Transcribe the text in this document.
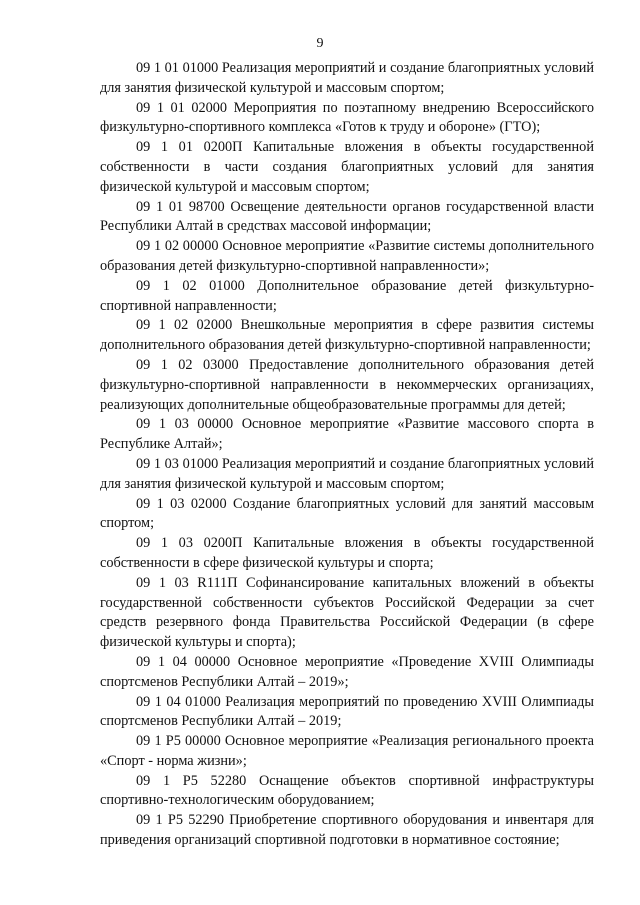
9

09 1 01 01000 Реализация мероприятий и создание благоприятных условий для занятия физической культурой и массовым спортом;

09 1 01 02000 Мероприятия по поэтапному внедрению Всероссийского физкультурно-спортивного комплекса «Готов к труду и обороне» (ГТО);

09 1 01 0200П Капитальные вложения в объекты государственной собственности в части создания благоприятных условий для занятия физической культурой и массовым спортом;

09 1 01 98700 Освещение деятельности органов государственной власти Республики Алтай в средствах массовой информации;

09 1 02 00000 Основное мероприятие «Развитие системы дополнительного образования детей физкультурно-спортивной направленности»;

09 1 02 01000 Дополнительное образование детей физкультурно-спортивной направленности;

09 1 02 02000 Внешкольные мероприятия в сфере развития системы дополнительного образования детей физкультурно-спортивной направленности;

09 1 02 03000 Предоставление дополнительного образования детей физкультурно-спортивной направленности в некоммерческих организациях, реализующих дополнительные общеобразовательные программы для детей;

09 1 03 00000 Основное мероприятие «Развитие массового спорта в Республике Алтай»;

09 1 03 01000 Реализация мероприятий и создание благоприятных условий для занятия физической культурой и массовым спортом;

09 1 03 02000 Создание благоприятных условий для занятий массовым спортом;

09 1 03 0200П Капитальные вложения в объекты государственной собственности в сфере физической культуры и спорта;

09 1 03 R111П Софинансирование капитальных вложений в объекты государственной собственности субъектов Российской Федерации за счет средств резервного фонда Правительства Российской Федерации (в сфере физической культуры и спорта);

09 1 04 00000 Основное мероприятие «Проведение XVIII Олимпиады спортсменов Республики Алтай – 2019»;

09 1 04 01000 Реализация мероприятий по проведению XVIII Олимпиады спортсменов Республики Алтай – 2019;

09 1 P5 00000 Основное мероприятие «Реализация регионального проекта «Спорт - норма жизни»;

09 1 P5 52280 Оснащение объектов спортивной инфраструктуры спортивно-технологическим оборудованием;

09 1 P5 52290 Приобретение спортивного оборудования и инвентаря для приведения организаций спортивной подготовки в нормативное состояние;
